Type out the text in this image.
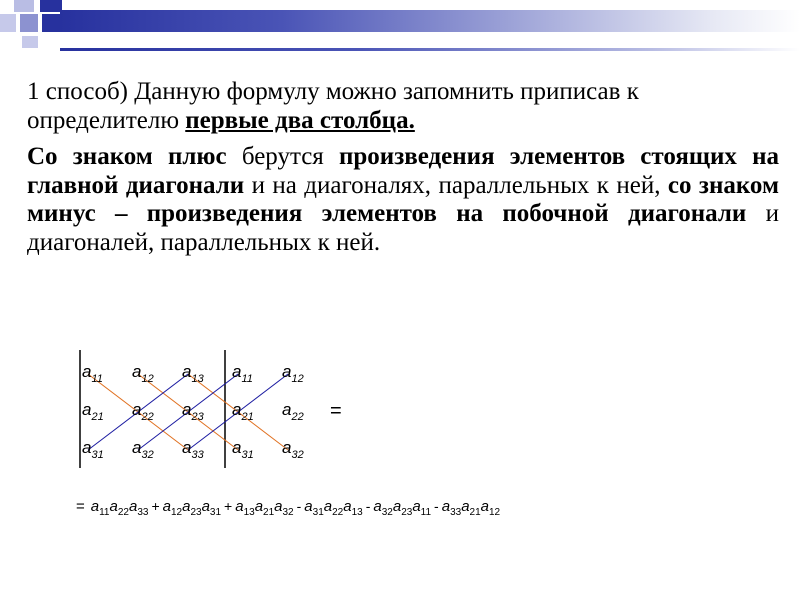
1 способ) Данную формулу можно запомнить приписав к определителю первые два столбца.

Со знаком плюс берутся произведения элементов стоящих на главной диагонали и на диагоналях, параллельных к ней, со знаком минус – произведения элементов на побочной диагонали и диагоналей, параллельных к ней.

$a_{11}$ $a_{12}$ $a_{13}$ $a_{11}$ $a_{12}$
$a_{21}$ $a_{22}$ $a_{23}$ $a_{21}$ $a_{22}$
$a_{31}$ $a_{32}$ $a_{33}$ $a_{31}$ $a_{32}$
=
= $a_{11}a_{22}a_{33} + a_{12}a_{23}a_{31} + a_{13}a_{21}a_{32} - a_{31}a_{22}a_{13} - a_{32}a_{23}a_{11} - a_{33}a_{21}a_{12}$
